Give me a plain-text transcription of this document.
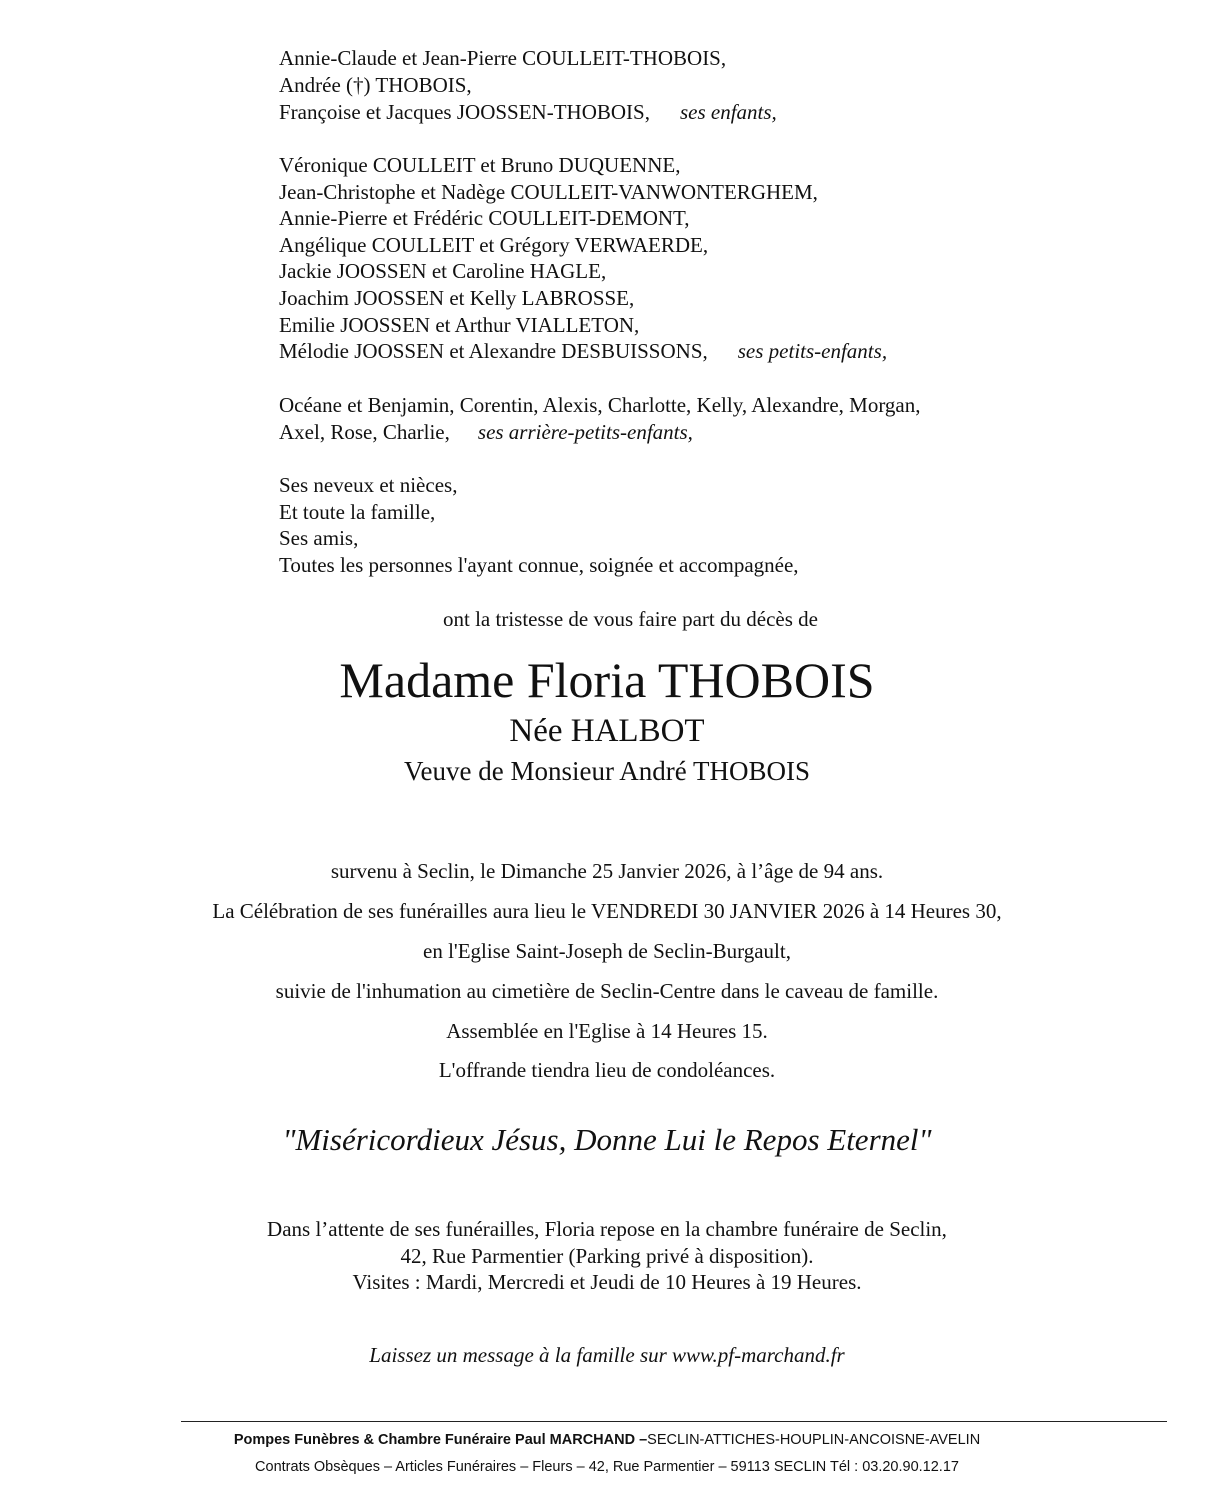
Annie-Claude et Jean-Pierre COULLEIT-THOBOIS,
Andrée (†) THOBOIS,
Françoise et Jacques JOOSSEN-THOBOIS, ses enfants,
Véronique COULLEIT et Bruno DUQUENNE,
Jean-Christophe et Nadège COULLEIT-VANWONTERGHEM,
Annie-Pierre et Frédéric COULLEIT-DEMONT,
Angélique COULLEIT et Grégory VERWAERDE,
Jackie JOOSSEN et Caroline HAGLE,
Joachim JOOSSEN et Kelly LABROSSE,
Emilie JOOSSEN et Arthur VIALLETON,
Mélodie JOOSSEN et Alexandre DESBUISSONS, ses petits-enfants,
Océane et Benjamin, Corentin, Alexis, Charlotte, Kelly, Alexandre, Morgan,
Axel, Rose, Charlie, ses arrière-petits-enfants,
Ses neveux et nièces,
Et toute la famille,
Ses amis,
Toutes les personnes l'ayant connue, soignée et accompagnée,
ont la tristesse de vous faire part du décès de
Madame Floria THOBOIS
Née HALBOT
Veuve de Monsieur André THOBOIS
survenu à Seclin, le Dimanche 25 Janvier 2026, à l’âge de 94 ans.
La Célébration de ses funérailles aura lieu le VENDREDI 30 JANVIER 2026 à 14 Heures 30,
en l'Eglise Saint-Joseph de Seclin-Burgault,
suivie de l'inhumation au cimetière de Seclin-Centre dans le caveau de famille.
Assemblée en l'Eglise à 14 Heures 15.
L'offrande tiendra lieu de condoléances.
"Miséricordieux Jésus, Donne Lui le Repos Eternel"
Dans l’attente de ses funérailles, Floria repose en la chambre funéraire de Seclin,
42, Rue Parmentier (Parking privé à disposition).
Visites : Mardi, Mercredi et Jeudi de 10 Heures à 19 Heures.
Laissez un message à la famille sur www.pf-marchand.fr
Pompes Funèbres & Chambre Funéraire Paul MARCHAND –SECLIN-ATTICHES-HOUPLIN-ANCOISNE-AVELIN
Contrats Obsèques – Articles Funéraires – Fleurs – 42, Rue Parmentier – 59113 SECLIN Tél : 03.20.90.12.17
